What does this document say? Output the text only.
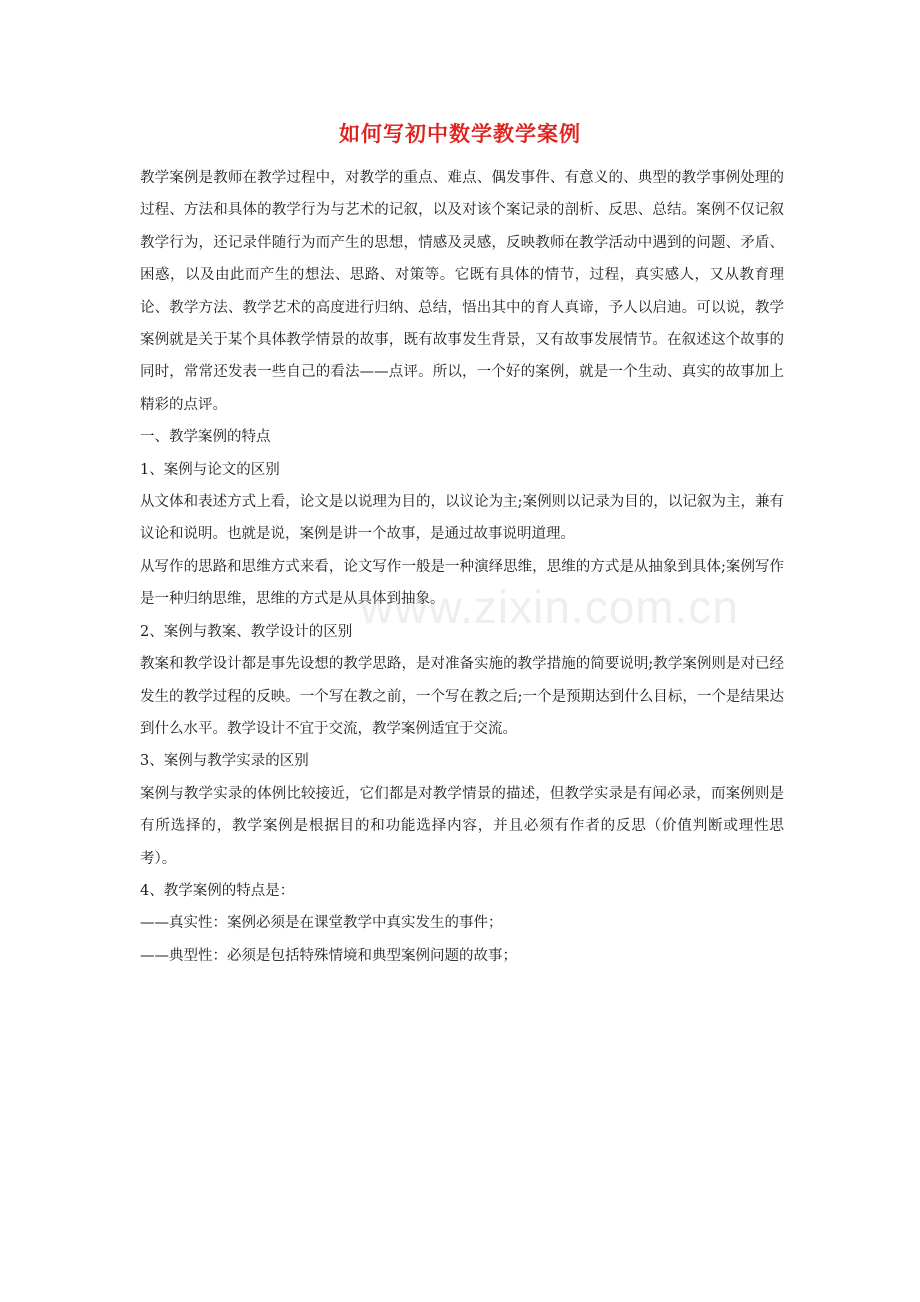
如何写初中数学教学案例

教学案例是教师在教学过程中，对教学的重点、难点、偶发事件、有意义的、典型的教学事例处理的过程、方法和具体的教学行为与艺术的记叙，以及对该个案记录的剖析、反思、总结。案例不仅记叙教学行为，还记录伴随行为而产生的思想，情感及灵感，反映教师在教学活动中遇到的问题、矛盾、困惑，以及由此而产生的想法、思路、对策等。它既有具体的情节，过程，真实感人，又从教育理论、教学方法、教学艺术的高度进行归纳、总结，悟出其中的育人真谛，予人以启迪。可以说，教学案例就是关于某个具体教学情景的故事，既有故事发生背景，又有故事发展情节。在叙述这个故事的同时，常常还发表一些自己的看法——点评。所以，一个好的案例，就是一个生动、真实的故事加上精彩的点评。

一、教学案例的特点

1、案例与论文的区别

从文体和表述方式上看，论文是以说理为目的，以议论为主;案例则以记录为目的，以记叙为主，兼有议论和说明。也就是说，案例是讲一个故事，是通过故事说明道理。

从写作的思路和思维方式来看，论文写作一般是一种演绎思维，思维的方式是从抽象到具体;案例写作是一种归纳思维，思维的方式是从具体到抽象。

2、案例与教案、教学设计的区别

教案和教学设计都是事先设想的教学思路，是对准备实施的教学措施的简要说明;教学案例则是对已经发生的教学过程的反映。一个写在教之前，一个写在教之后;一个是预期达到什么目标，一个是结果达到什么水平。教学设计不宜于交流，教学案例适宜于交流。

3、案例与教学实录的区别

案例与教学实录的体例比较接近，它们都是对教学情景的描述，但教学实录是有闻必录，而案例则是有所选择的，教学案例是根据目的和功能选择内容，并且必须有作者的反思（价值判断或理性思考）。

4、教学案例的特点是：

——真实性：案例必须是在课堂教学中真实发生的事件；

——典型性：必须是包括特殊情境和典型案例问题的故事；

www.zixin.com.cn
